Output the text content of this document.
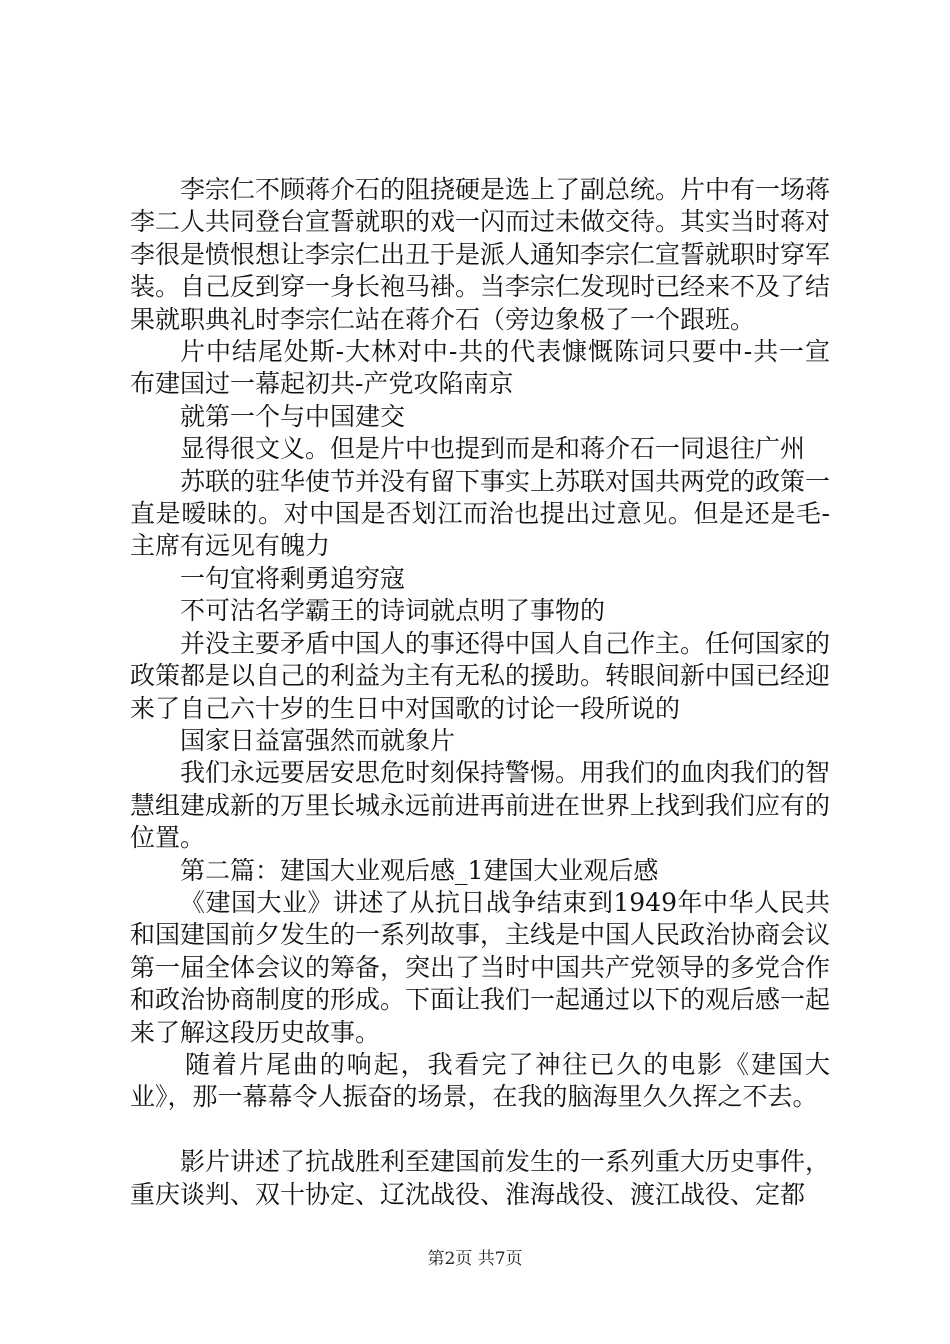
李宗仁不顾蒋介石的阻挠硬是选上了副总统。片中有一场蒋李二人共同登台宣誓就职的戏一闪而过未做交待。其实当时蒋对李很是愤恨想让李宗仁出丑于是派人通知李宗仁宣誓就职时穿军装。自己反到穿一身长袍马褂。当李宗仁发现时已经来不及了结果就职典礼时李宗仁站在蒋介石（旁边象极了一个跟班。

片中结尾处斯-大林对中-共的代表慷慨陈词只要中-共一宣布建国过一幕起初共-产党攻陷南京

就第一个与中国建交

显得很文义。但是片中也提到而是和蒋介石一同退往广州

苏联的驻华使节并没有留下事实上苏联对国共两党的政策一直是暧昧的。对中国是否划江而治也提出过意见。但是还是毛-主席有远见有魄力

一句宜将剩勇追穷寇

不可沽名学霸王的诗词就点明了事物的

并没主要矛盾中国人的事还得中国人自己作主。任何国家的政策都是以自己的利益为主有无私的援助。转眼间新中国已经迎来了自己六十岁的生日中对国歌的讨论一段所说的

国家日益富强然而就象片

我们永远要居安思危时刻保持警惕。用我们的血肉我们的智慧组建成新的万里长城永远前进再前进在世界上找到我们应有的位置。

第二篇：建国大业观后感_1建国大业观后感

《建国大业》讲述了从抗日战争结束到1949年中华人民共和国建国前夕发生的一系列故事，主线是中国人民政治协商会议第一届全体会议的筹备，突出了当时中国共产党领导的多党合作和政治协商制度的形成。下面让我们一起通过以下的观后感一起来了解这段历史故事。

随着片尾曲的响起，我看完了神往已久的电影《建国大业》，那一幕幕令人振奋的场景，在我的脑海里久久挥之不去。

影片讲述了抗战胜利至建国前发生的一系列重大历史事件，重庆谈判、双十协定、辽沈战役、淮海战役、渡江战役、定都

第2页 共7页
